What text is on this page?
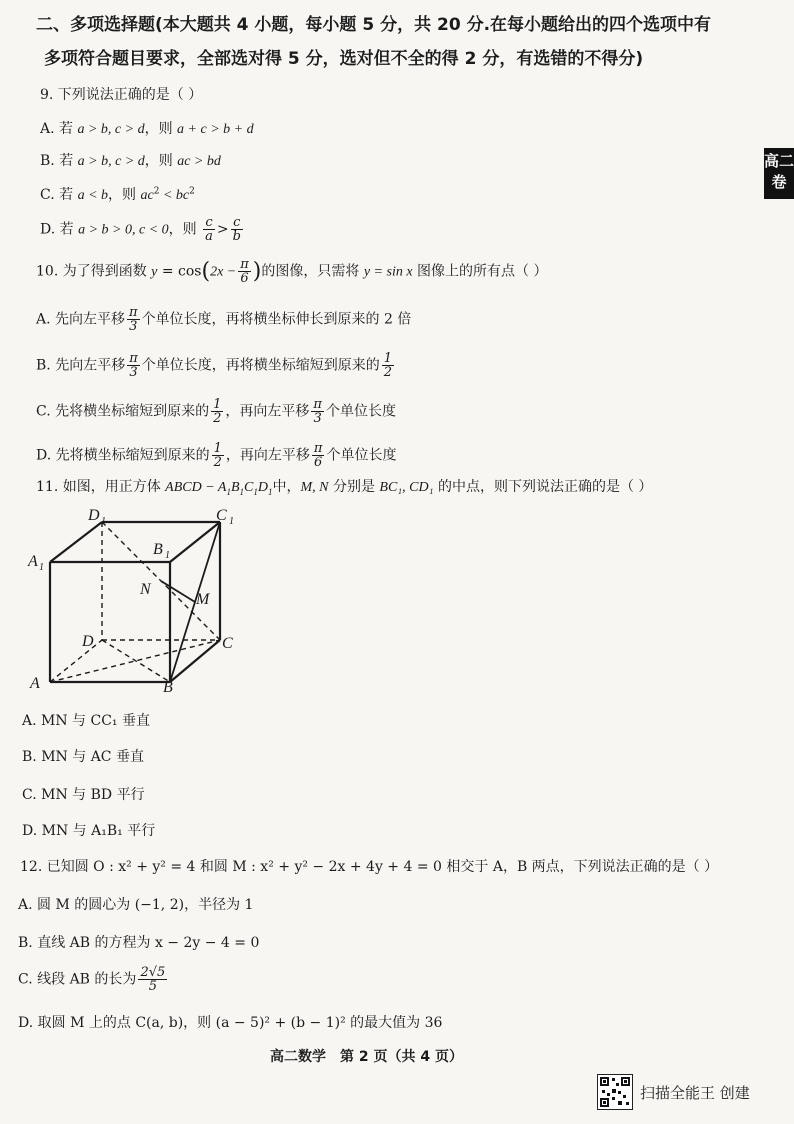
二、多项选择题(本大题共 4 小题，每小题 5 分，共 20 分.在每小题给出的四个选项中有
多项符合题目要求，全部选对得 5 分，选对但不全的得 2 分，有选错的不得分)
高二
卷
9. 下列说法正确的是（ ）
A. 若 a > b, c > d，则 a + c > b + d
B. 若 a > b, c > d，则 ac > bd
C. 若 a < b，则 $ac^2 < bc^2$
D. 若 a > b > 0, c < 0，则 $\frac{c}{a} > \frac{c}{b}$
10. 为了得到函数 $y = \cos(2x - \frac{\pi}{6}$ )的图像，只需将 y = sin x 图像上的所有点（ ）
A. 先向左平移 $\frac{\pi}{3}$ 个单位长度，再将横坐标伸长到原来的 2 倍
B. 先向左平移 $\frac{\pi}{3}$ 个单位长度，再将横坐标缩短到原来的 $\frac{1}{2}$
C. 先将横坐标缩短到原来的 $\frac{1}{2}$ ，再向左平移 $\frac{\pi}{3}$ 个单位长度
D. 先将横坐标缩短到原来的 $\frac{1}{2}$ ，再向左平移 $\frac{\pi}{6}$ 个单位长度
11. 如图，用正方体 ABCD − $A_1B_1C_1D_1$中，M, N 分别是 BC₁, CD₁ 的中点，则下列说法正确的是（ ）
D 1	C 1
B 1
A 1
N
M
D	C
A	B
A. MN 与 CC₁ 垂直
B. MN 与 AC 垂直
C. MN 与 BD 平行
D. MN 与 A₁B₁ 平行
12. 已知圆 O : x² + y² = 4 和圆 M : x² + y² − 2x + 4y + 4 = 0 相交于 A，B 两点，下列说法正确的是（ ）
A. 圆 M 的圆心为 (−1, 2)，半径为 1
B. 直线 AB 的方程为 x − 2y − 4 = 0
C. 线段 AB 的长为 $\frac{2√5}{5}$
D. 取圆 M 上的点 C(a, b)，则 (a − 5)² + (b − 1)² 的最大值为 36
高二数学　第 2 页（共 4 页）
扫描全能王 创建
